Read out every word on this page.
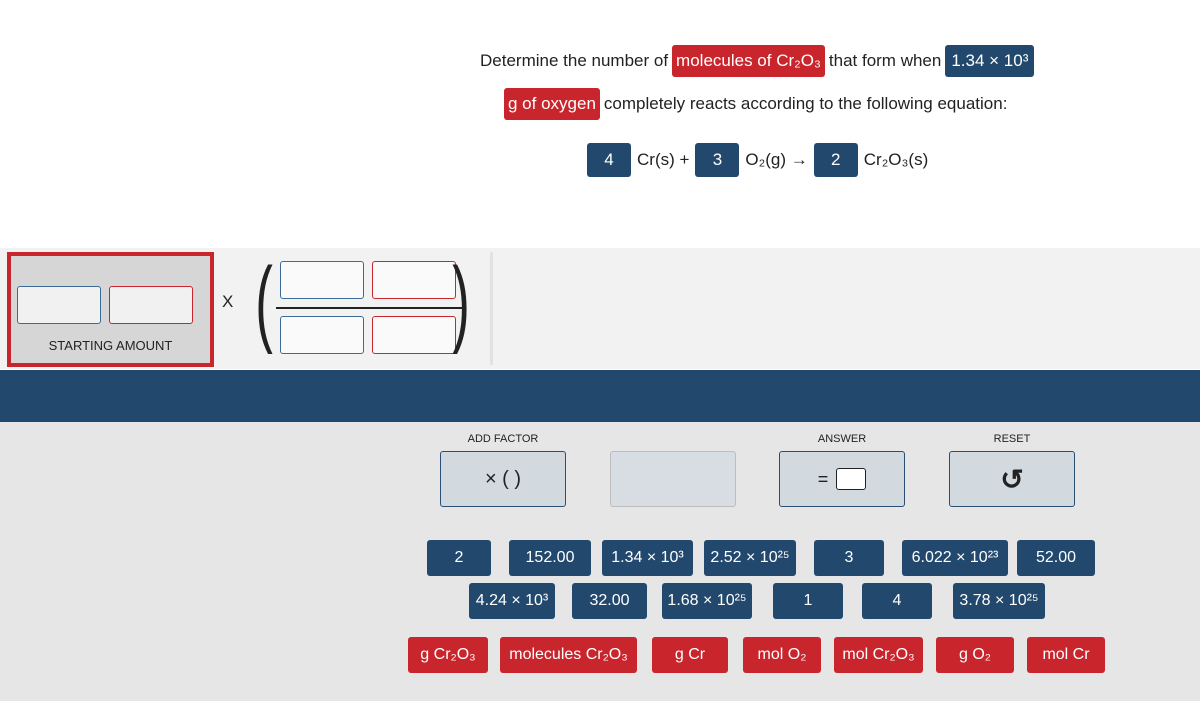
Determine the number of molecules of Cr₂O₃ that form when 1.34 × 10³
g of oxygen completely reacts according to the following equation:
4	Cr(s) +	3	O₂(g) →	2	Cr₂O₃(s)
STARTING AMOUNT
X ( )
ADD FACTOR
× ( )
ANSWER
=
RESET
↺
2	152.00	1.34 × 10³	2.52 × 10²⁵	3	6.022 × 10²³	52.00
4.24 × 10³	32.00	1.68 × 10²⁵	1	4	3.78 × 10²⁵
g Cr₂O₃	molecules Cr₂O₃	g Cr	mol O₂	mol Cr₂O₃	g O₂	mol Cr
